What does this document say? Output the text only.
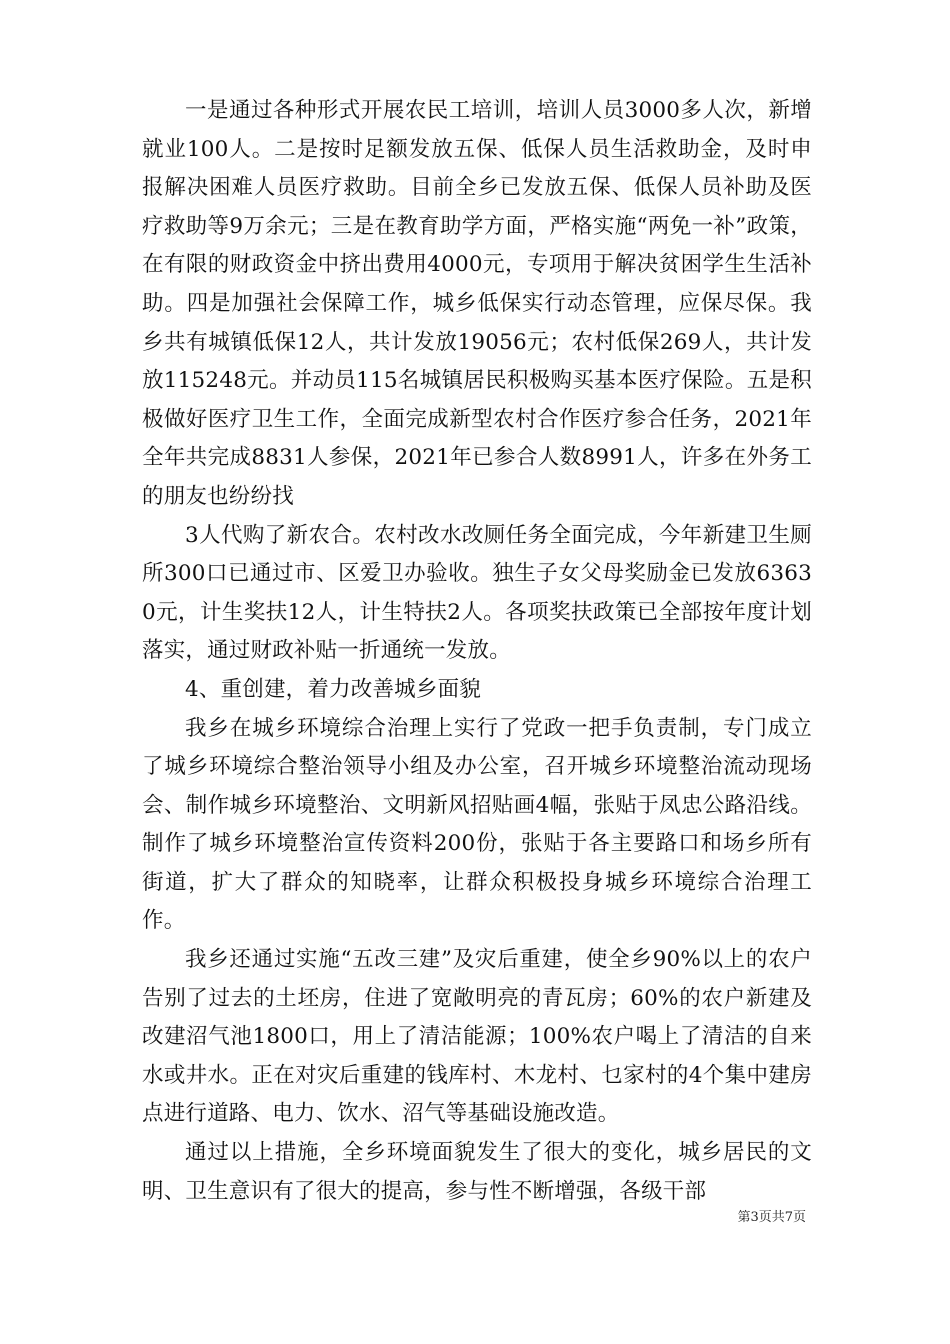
一是通过各种形式开展农民工培训，培训人员3000多人次，新增就业100人。二是按时足额发放五保、低保人员生活救助金，及时申报解决困难人员医疗救助。目前全乡已发放五保、低保人员补助及医疗救助等9万余元；三是在教育助学方面，严格实施“两免一补”政策，在有限的财政资金中挤出费用4000元，专项用于解决贫困学生生活补助。四是加强社会保障工作，城乡低保实行动态管理，应保尽保。我乡共有城镇低保12人，共计发放19056元；农村低保269人，共计发放115248元。并动员115名城镇居民积极购买基本医疗保险。五是积极做好医疗卫生工作，全面完成新型农村合作医疗参合任务，2021年全年共完成8831人参保，2021年已参合人数8991人，许多在外务工的朋友也纷纷找

3人代购了新农合。农村改水改厕任务全面完成，今年新建卫生厕所300口已通过市、区爱卫办验收。独生子女父母奖励金已发放63630元，计生奖扶12人，计生特扶2人。各项奖扶政策已全部按年度计划落实，通过财政补贴一折通统一发放。

4、重创建，着力改善城乡面貌

我乡在城乡环境综合治理上实行了党政一把手负责制，专门成立了城乡环境综合整治领导小组及办公室，召开城乡环境整治流动现场会、制作城乡环境整治、文明新风招贴画4幅，张贴于凤忠公路沿线。制作了城乡环境整治宣传资料200份，张贴于各主要路口和场乡所有街道，扩大了群众的知晓率，让群众积极投身城乡环境综合治理工作。

我乡还通过实施“五改三建”及灾后重建，使全乡90%以上的农户告别了过去的土坯房，住进了宽敞明亮的青瓦房；60%的农户新建及改建沼气池1800口，用上了清洁能源；100%农户喝上了清洁的自来水或井水。正在对灾后重建的钱库村、木龙村、乜家村的4个集中建房点进行道路、电力、饮水、沼气等基础设施改造。

通过以上措施，全乡环境面貌发生了很大的变化，城乡居民的文明、卫生意识有了很大的提高，参与性不断增强，各级干部

第3页共7页
